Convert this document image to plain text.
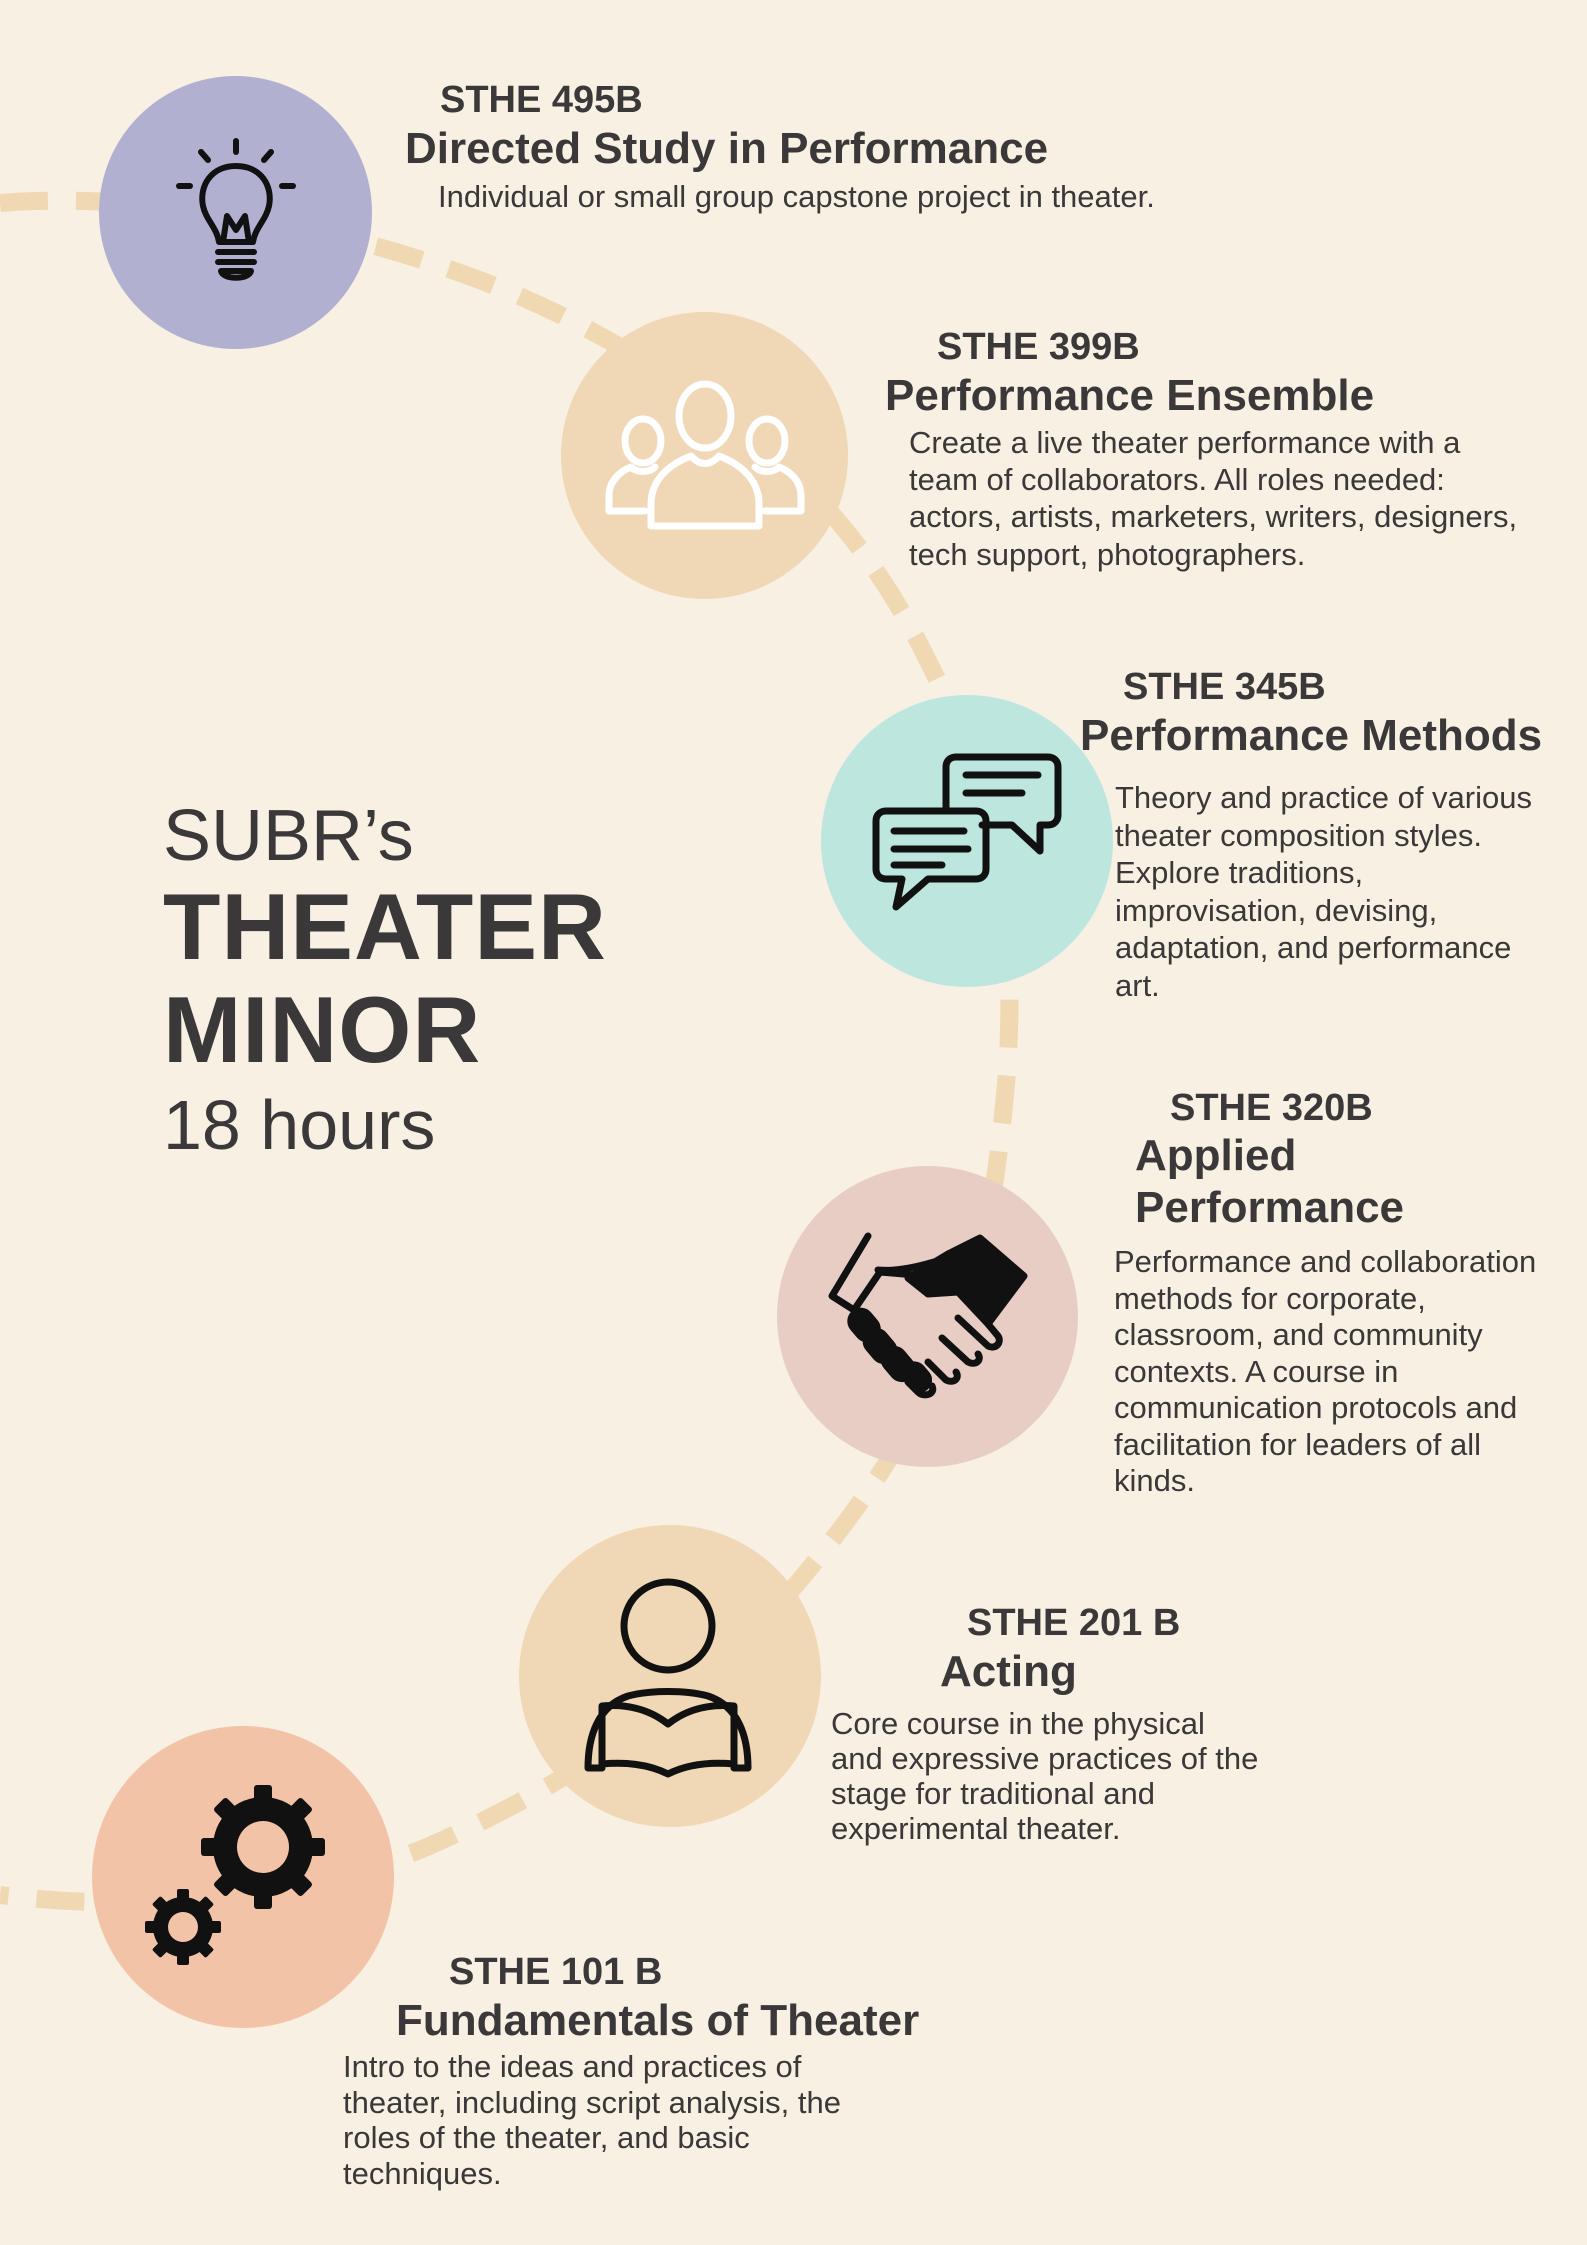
SUBR’s
THEATER
MINOR
18 hours
STHE 495B
Directed Study in Performance
Individual or small group capstone project in theater.
STHE 399B
Performance Ensemble
Create a live theater performance with a team of collaborators. All roles needed: actors, artists, marketers, writers, designers, tech support, photographers.
STHE 345B
Performance Methods
Theory and practice of various theater composition styles. Explore traditions, improvisation, devising, adaptation, and performance art.
STHE 320B
Applied Performance
Performance and collaboration methods for corporate, classroom, and community contexts. A course in communication protocols and facilitation for leaders of all kinds.
STHE 201 B
Acting
Core course in the physical and expressive practices of the stage for traditional and experimental theater.
STHE 101 B
Fundamentals of Theater
Intro to the ideas and practices of theater, including script analysis, the roles of the theater, and basic techniques.
